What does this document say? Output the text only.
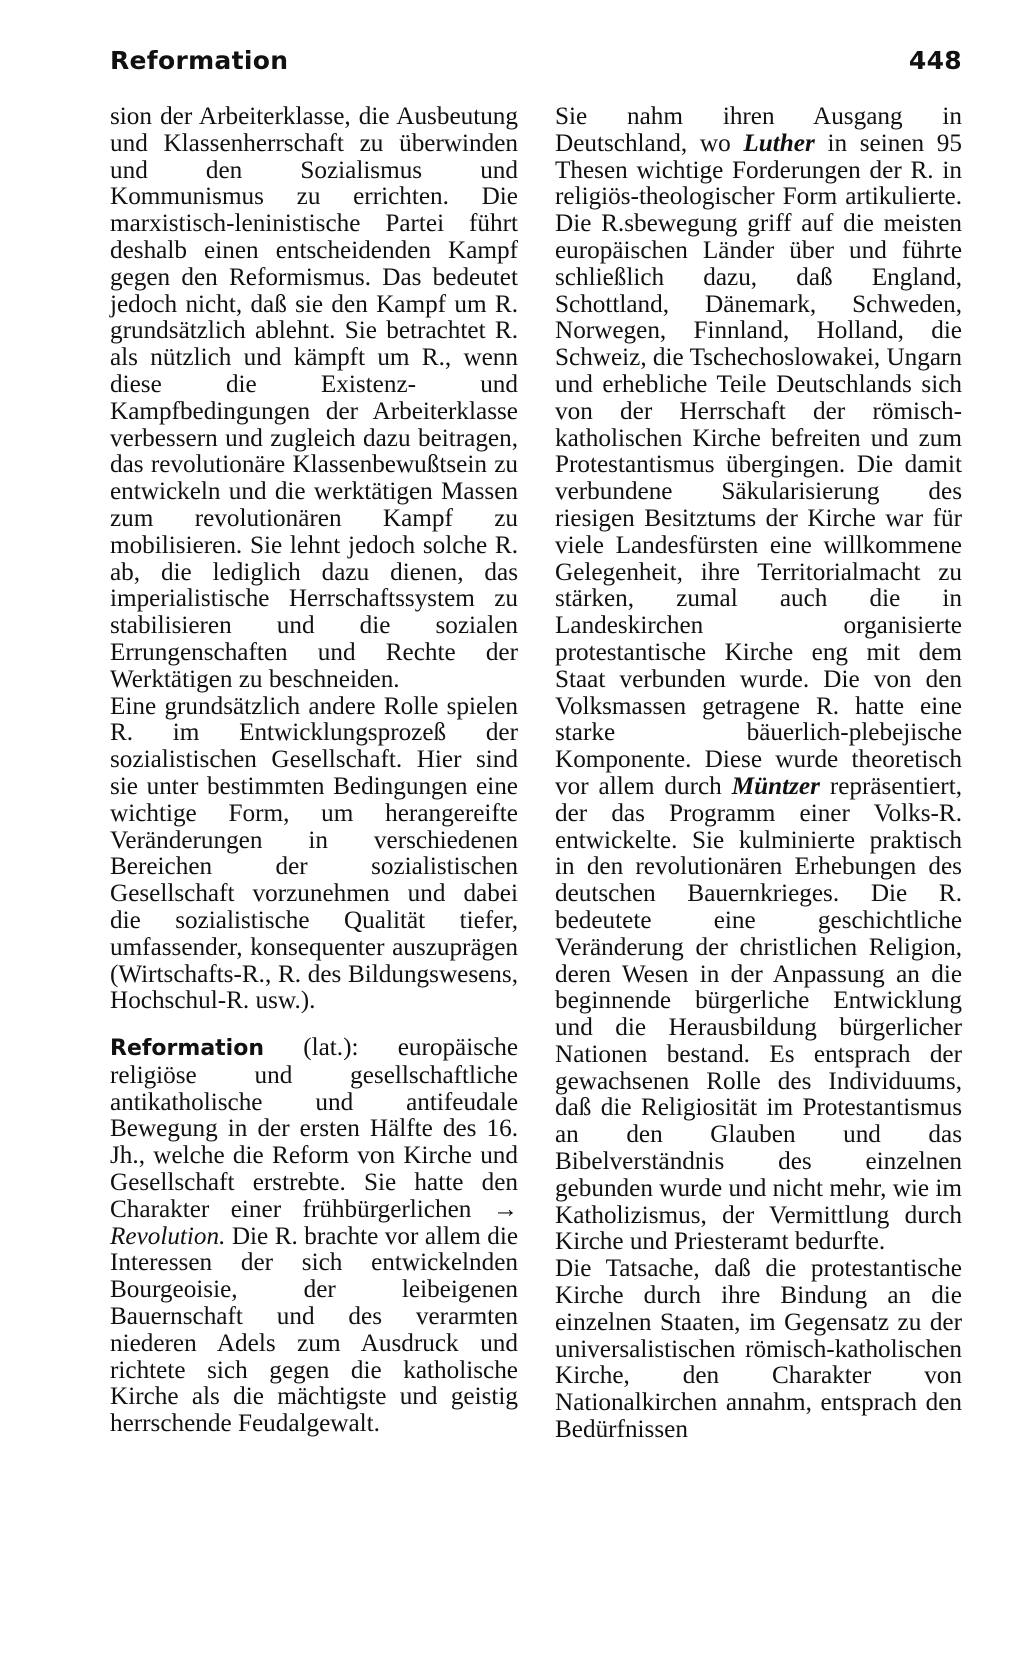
Reformation	448

sion der Arbeiterklasse, die Ausbeutung und Klassenherrschaft zu überwinden und den Sozialismus und Kommunismus zu errichten. Die marxistisch-leninistische Partei führt deshalb einen entscheidenden Kampf gegen den Reformismus. Das bedeutet jedoch nicht, daß sie den Kampf um R. grundsätzlich ablehnt. Sie betrachtet R. als nützlich und kämpft um R., wenn diese die Existenz- und Kampfbedingungen der Arbeiterklasse verbessern und zugleich dazu beitragen, das revolutionäre Klassenbewußtsein zu entwickeln und die werktätigen Massen zum revolutionären Kampf zu mobilisieren. Sie lehnt jedoch solche R. ab, die lediglich dazu dienen, das imperialistische Herrschaftssystem zu stabilisieren und die sozialen Errungenschaften und Rechte der Werktätigen zu beschneiden.

Eine grundsätzlich andere Rolle spielen R. im Entwicklungsprozeß der sozialistischen Gesellschaft. Hier sind sie unter bestimmten Bedingungen eine wichtige Form, um herangereifte Veränderungen in verschiedenen Bereichen der sozialistischen Gesellschaft vorzunehmen und dabei die sozialistische Qualität tiefer, umfassender, konsequenter auszuprägen (Wirtschafts-R., R. des Bildungswesens, Hochschul-R. usw.).

Reformation (lat.): europäische religiöse und gesellschaftliche antikatholische und antifeudale Bewegung in der ersten Hälfte des 16. Jh., welche die Reform von Kirche und Gesellschaft erstrebte. Sie hatte den Charakter einer frühbürgerlichen → Revolution. Die R. brachte vor allem die Interessen der sich entwickelnden Bourgeoisie, der leibeigenen Bauernschaft und des verarmten niederen Adels zum Ausdruck und richtete sich gegen die katholische Kirche als die mächtigste und geistig herrschende Feudalgewalt.

Sie nahm ihren Ausgang in Deutschland, wo Luther in seinen 95 Thesen wichtige Forderungen der R. in religiös-theologischer Form artikulierte. Die R.sbewegung griff auf die meisten europäischen Länder über und führte schließlich dazu, daß England, Schottland, Dänemark, Schweden, Norwegen, Finnland, Holland, die Schweiz, die Tschechoslowakei, Ungarn und erhebliche Teile Deutschlands sich von der Herrschaft der römisch-katholischen Kirche befreiten und zum Protestantismus übergingen. Die damit verbundene Säkularisierung des riesigen Besitztums der Kirche war für viele Landesfürsten eine willkommene Gelegenheit, ihre Territorialmacht zu stärken, zumal auch die in Landeskirchen organisierte protestantische Kirche eng mit dem Staat verbunden wurde. Die von den Volksmassen getragene R. hatte eine starke bäuerlich-plebejische Komponente. Diese wurde theoretisch vor allem durch Müntzer repräsentiert, der das Programm einer Volks-R. entwickelte. Sie kulminierte praktisch in den revolutionären Erhebungen des deutschen Bauernkrieges. Die R. bedeutete eine geschichtliche Veränderung der christlichen Religion, deren Wesen in der Anpassung an die beginnende bürgerliche Entwicklung und die Herausbildung bürgerlicher Nationen bestand. Es entsprach der gewachsenen Rolle des Individuums, daß die Religiosität im Protestantismus an den Glauben und das Bibelverständnis des einzelnen gebunden wurde und nicht mehr, wie im Katholizismus, der Vermittlung durch Kirche und Priesteramt bedurfte.

Die Tatsache, daß die protestantische Kirche durch ihre Bindung an die einzelnen Staaten, im Gegensatz zu der universalistischen römisch-katholischen Kirche, den Charakter von Nationalkirchen annahm, entsprach den Bedürfnissen
